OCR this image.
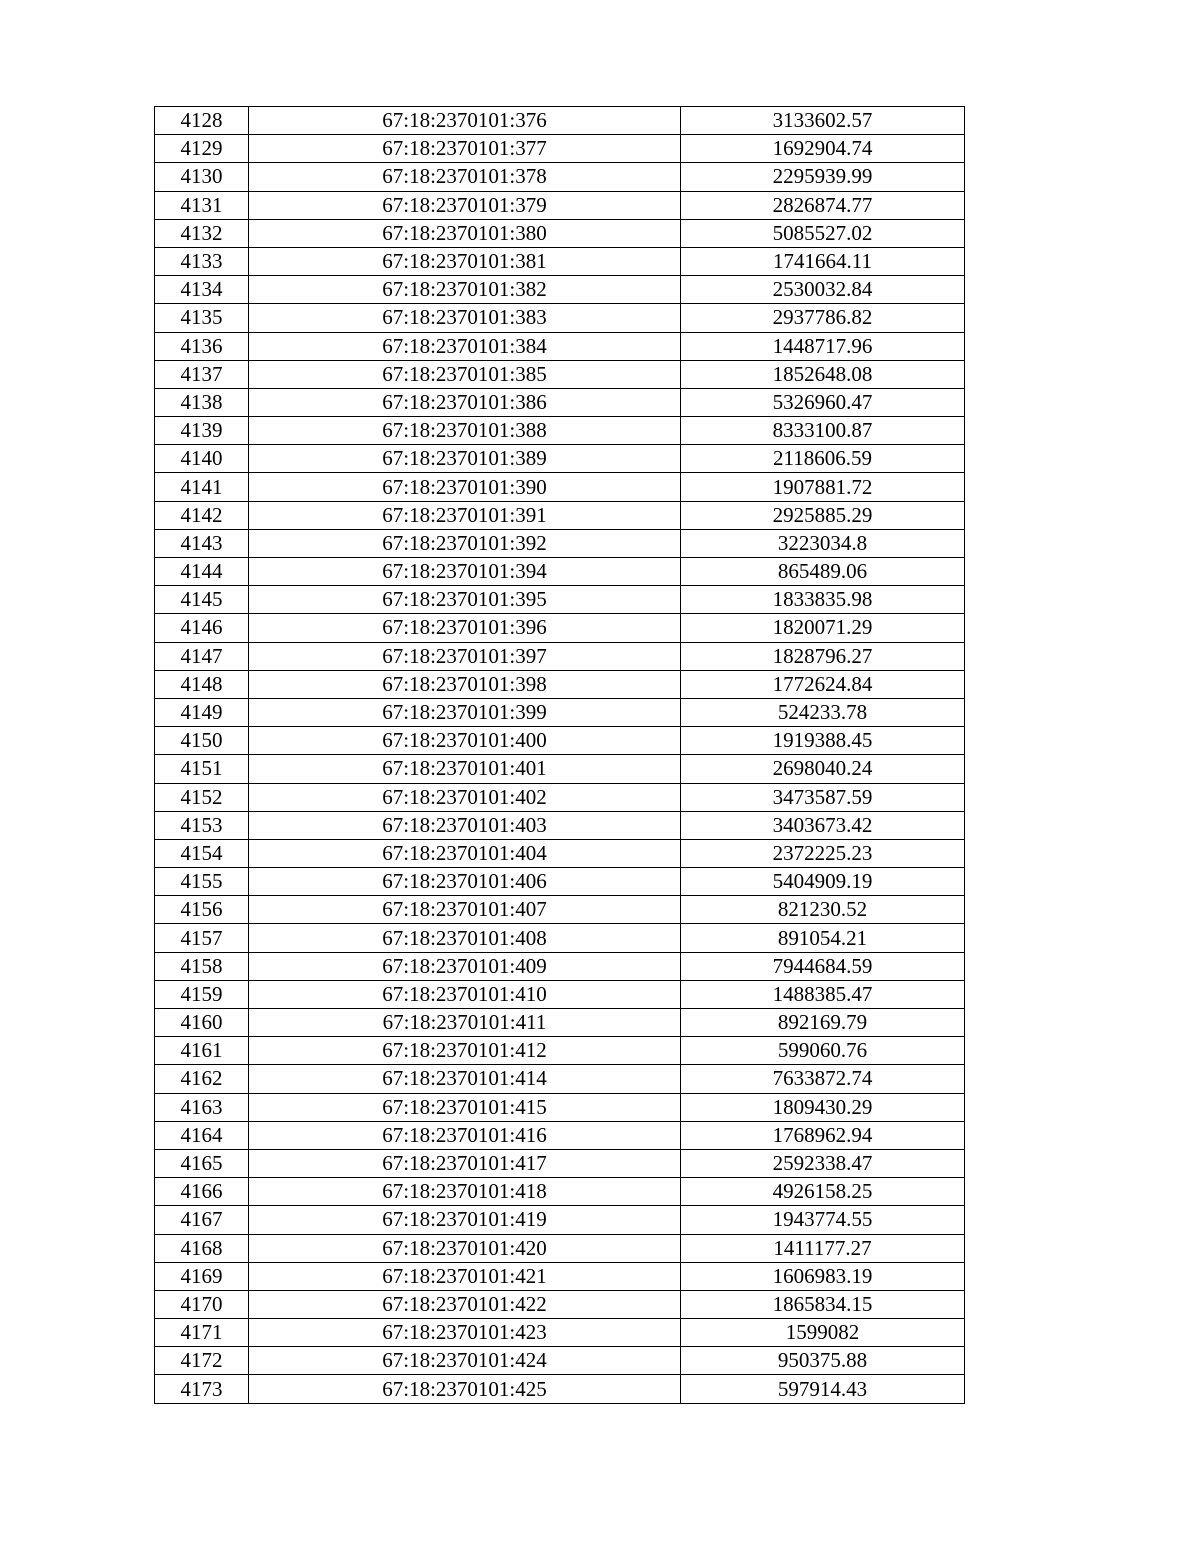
4128	67:18:2370101:376	3133602.57
4129	67:18:2370101:377	1692904.74
4130	67:18:2370101:378	2295939.99
4131	67:18:2370101:379	2826874.77
4132	67:18:2370101:380	5085527.02
4133	67:18:2370101:381	1741664.11
4134	67:18:2370101:382	2530032.84
4135	67:18:2370101:383	2937786.82
4136	67:18:2370101:384	1448717.96
4137	67:18:2370101:385	1852648.08
4138	67:18:2370101:386	5326960.47
4139	67:18:2370101:388	8333100.87
4140	67:18:2370101:389	2118606.59
4141	67:18:2370101:390	1907881.72
4142	67:18:2370101:391	2925885.29
4143	67:18:2370101:392	3223034.8
4144	67:18:2370101:394	865489.06
4145	67:18:2370101:395	1833835.98
4146	67:18:2370101:396	1820071.29
4147	67:18:2370101:397	1828796.27
4148	67:18:2370101:398	1772624.84
4149	67:18:2370101:399	524233.78
4150	67:18:2370101:400	1919388.45
4151	67:18:2370101:401	2698040.24
4152	67:18:2370101:402	3473587.59
4153	67:18:2370101:403	3403673.42
4154	67:18:2370101:404	2372225.23
4155	67:18:2370101:406	5404909.19
4156	67:18:2370101:407	821230.52
4157	67:18:2370101:408	891054.21
4158	67:18:2370101:409	7944684.59
4159	67:18:2370101:410	1488385.47
4160	67:18:2370101:411	892169.79
4161	67:18:2370101:412	599060.76
4162	67:18:2370101:414	7633872.74
4163	67:18:2370101:415	1809430.29
4164	67:18:2370101:416	1768962.94
4165	67:18:2370101:417	2592338.47
4166	67:18:2370101:418	4926158.25
4167	67:18:2370101:419	1943774.55
4168	67:18:2370101:420	1411177.27
4169	67:18:2370101:421	1606983.19
4170	67:18:2370101:422	1865834.15
4171	67:18:2370101:423	1599082
4172	67:18:2370101:424	950375.88
4173	67:18:2370101:425	597914.43
